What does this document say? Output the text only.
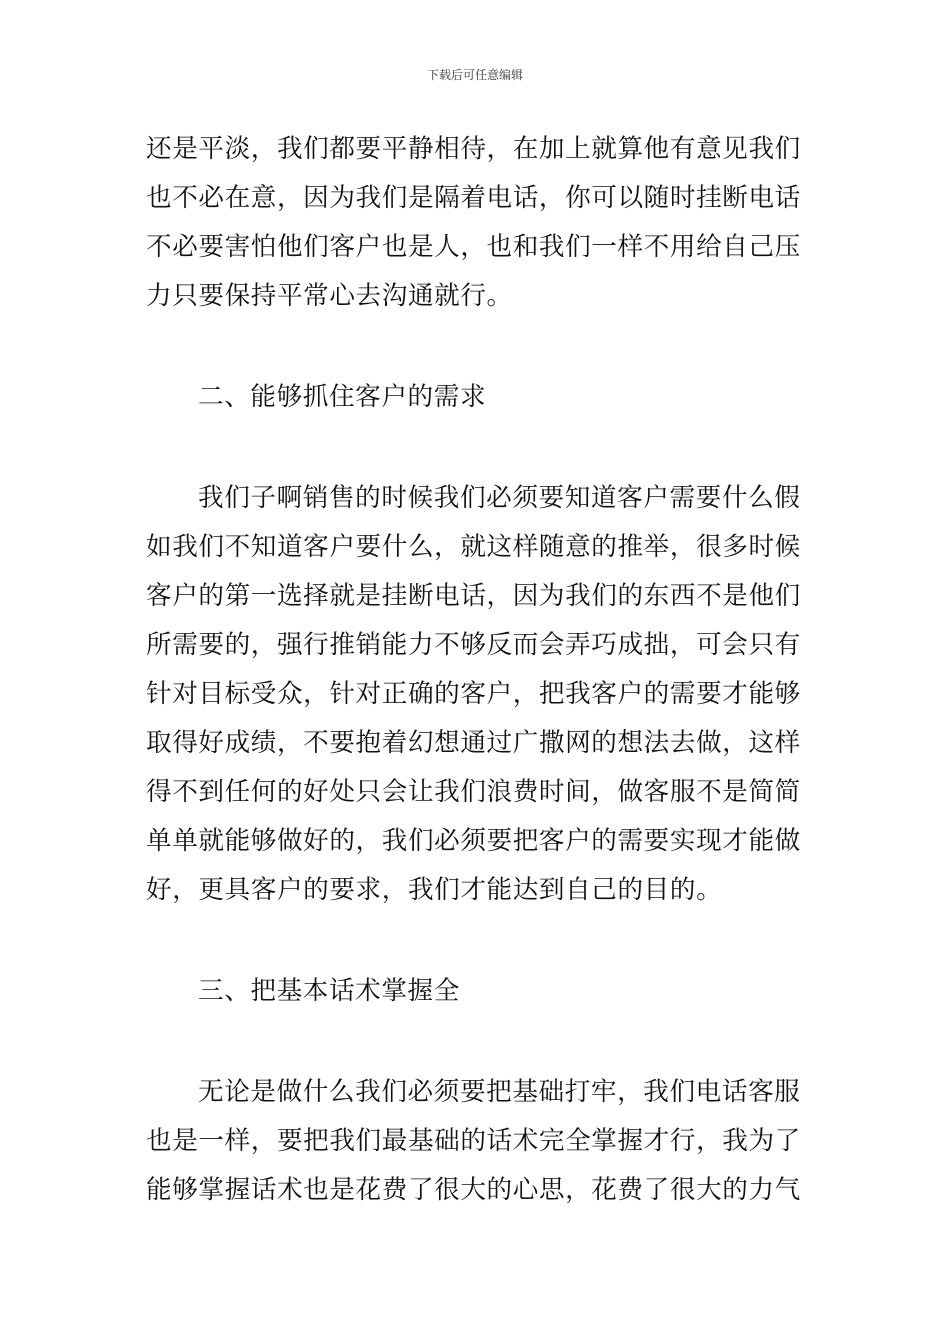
下载后可任意编辑
还是平淡，我们都要平静相待，在加上就算他有意见我们
也不必在意，因为我们是隔着电话，你可以随时挂断电话
不必要害怕他们客户也是人，也和我们一样不用给自己压
力只要保持平常心去沟通就行。
二、能够抓住客户的需求
我们子啊销售的时候我们必须要知道客户需要什么假
如我们不知道客户要什么，就这样随意的推举，很多时候
客户的第一选择就是挂断电话，因为我们的东西不是他们
所需要的，强行推销能力不够反而会弄巧成拙，可会只有
针对目标受众，针对正确的客户，把我客户的需要才能够
取得好成绩，不要抱着幻想通过广撒网的想法去做，这样
得不到任何的好处只会让我们浪费时间，做客服不是简简
单单就能够做好的，我们必须要把客户的需要实现才能做
好，更具客户的要求，我们才能达到自己的目的。
三、把基本话术掌握全
无论是做什么我们必须要把基础打牢，我们电话客服
也是一样，要把我们最基础的话术完全掌握才行，我为了
能够掌握话术也是花费了很大的心思，花费了很大的力气
